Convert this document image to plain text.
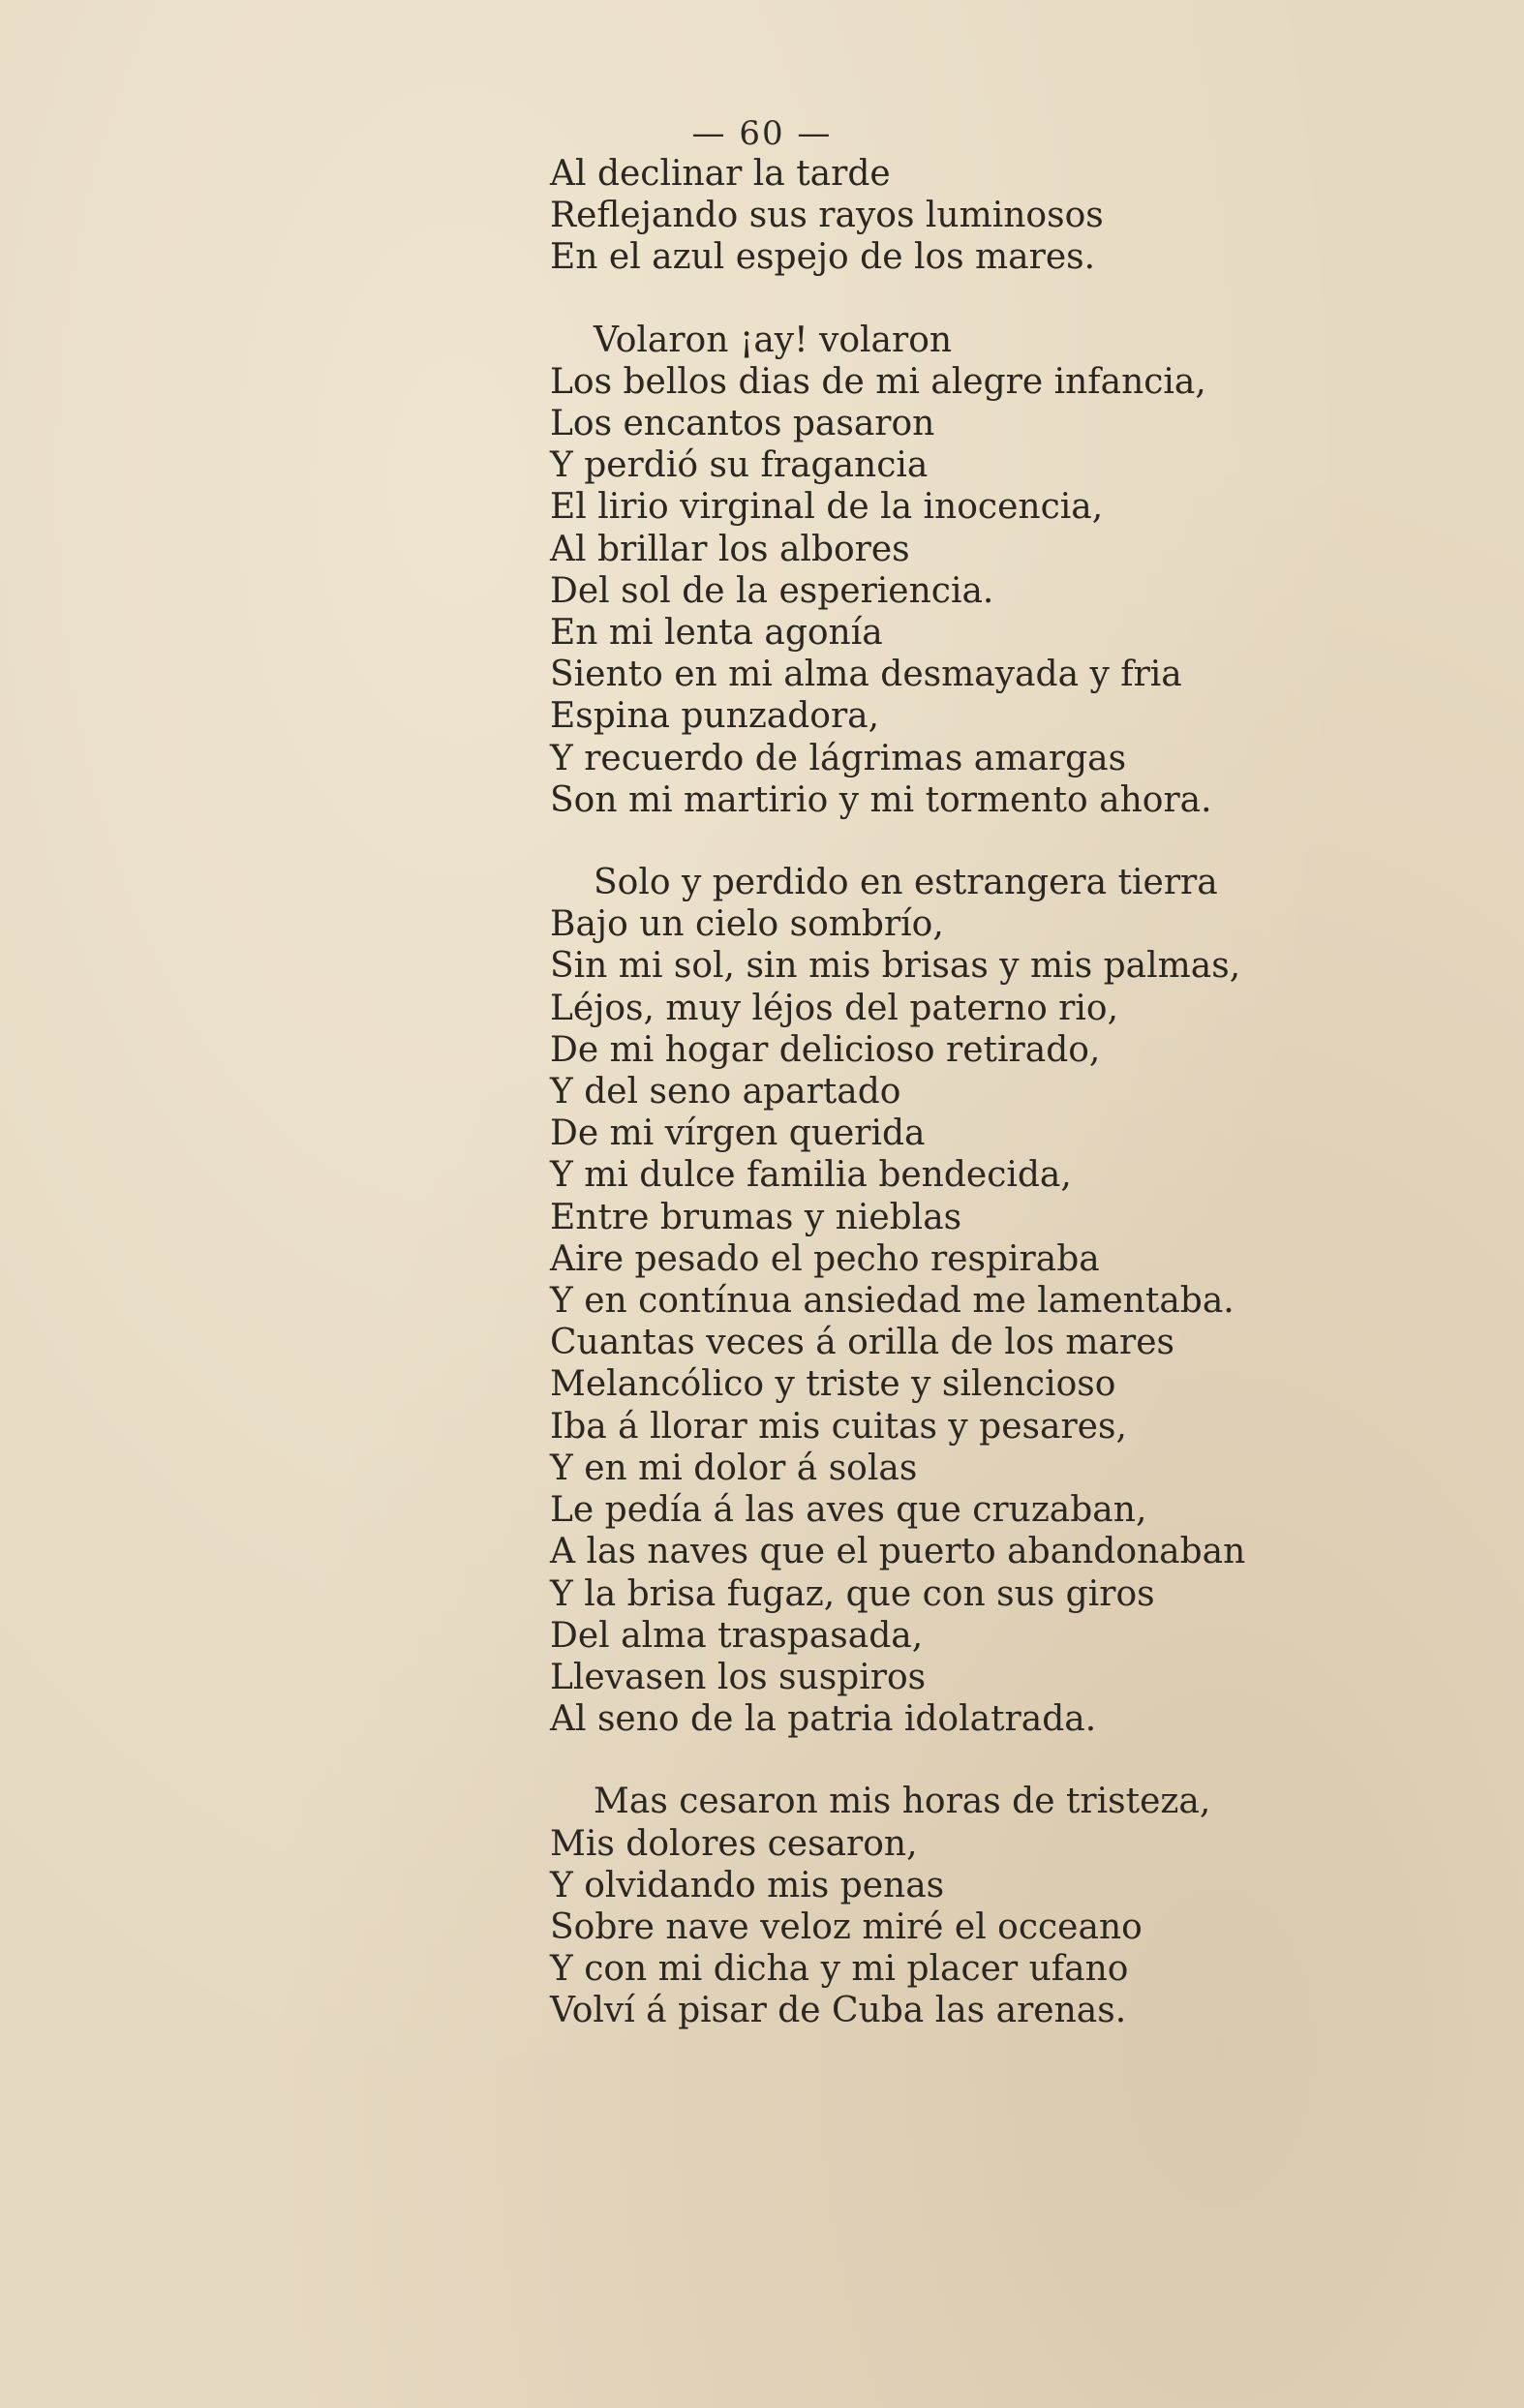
— 60 —
Al declinar la tarde
Reflejando sus rayos luminosos
En el azul espejo de los mares.
Volaron ¡ay! volaron
Los bellos dias de mi alegre infancia,
Los encantos pasaron
Y perdió su fragancia
El lirio virginal de la inocencia,
Al brillar los albores
Del sol de la esperiencia.
En mi lenta agonía
Siento en mi alma desmayada y fria
Espina punzadora,
Y recuerdo de lágrimas amargas
Son mi martirio y mi tormento ahora.
Solo y perdido en estrangera tierra
Bajo un cielo sombrío,
Sin mi sol, sin mis brisas y mis palmas,
Léjos, muy léjos del paterno rio,
De mi hogar delicioso retirado,
Y del seno apartado
De mi vírgen querida
Y mi dulce familia bendecida,
Entre brumas y nieblas
Aire pesado el pecho respiraba
Y en contínua ansiedad me lamentaba.
Cuantas veces á orilla de los mares
Melancólico y triste y silencioso
Iba á llorar mis cuitas y pesares,
Y en mi dolor á solas
Le pedía á las aves que cruzaban,
A las naves que el puerto abandonaban
Y la brisa fugaz, que con sus giros
Del alma traspasada,
Llevasen los suspiros
Al seno de la patria idolatrada.
Mas cesaron mis horas de tristeza,
Mis dolores cesaron,
Y olvidando mis penas
Sobre nave veloz miré el occeano
Y con mi dicha y mi placer ufano
Volví á pisar de Cuba las arenas.
